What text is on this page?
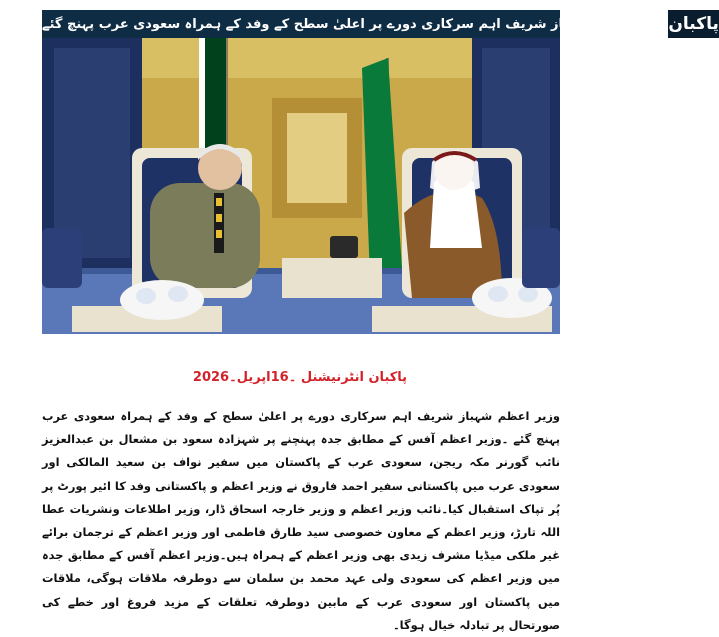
وزیراعظم شہباز شریف اہم سرکاری دورے پر اعلیٰ سطح کے وفد کے ہمراہ سعودی عرب پہنچ گئے پاکبان
پاکبان انٹرنیشنل ۔16اپریل۔2026
وزیر اعظم شہباز شریف اہم سرکاری دورے پر اعلیٰ سطح کے وفد کے ہمراہ سعودی عرب پہنچ گئے ۔وزیر اعظم آفس کے مطابق جدہ پہنچنے پر شہزادہ سعود بن مشعال بن عبدالعزیز نائب گورنر مکہ ریجن، سعودی عرب کے پاکستان میں سفیر نواف بن سعید المالکی اور سعودی عرب میں پاکستانی سفیر احمد فاروق نے وزیر اعظم و پاکستانی وفد کا ائیر پورٹ پر پُر تپاک استقبال کیا۔نائب وزیر اعظم و وزیر خارجہ اسحاق ڈار، وزیر اطلاعات ونشریات عطا اللہ تارڑ، وزیر اعظم کے معاون خصوصی سید طارق فاطمی اور وزیر اعظم کے ترجمان برائے غیر ملکی میڈیا مشرف زیدی بھی وزیر اعظم کے ہمراہ ہیں۔وزیر اعظم آفس کے مطابق جدہ میں وزیر اعظم کی سعودی ولی عہد محمد بن سلمان سے دوطرفہ ملاقات ہوگی، ملاقات میں پاکستان اور سعودی عرب کے مابین دوطرفہ تعلقات کے مزید فروغ اور خطے کی صورتحال پر تبادلہ خیال ہوگا۔
